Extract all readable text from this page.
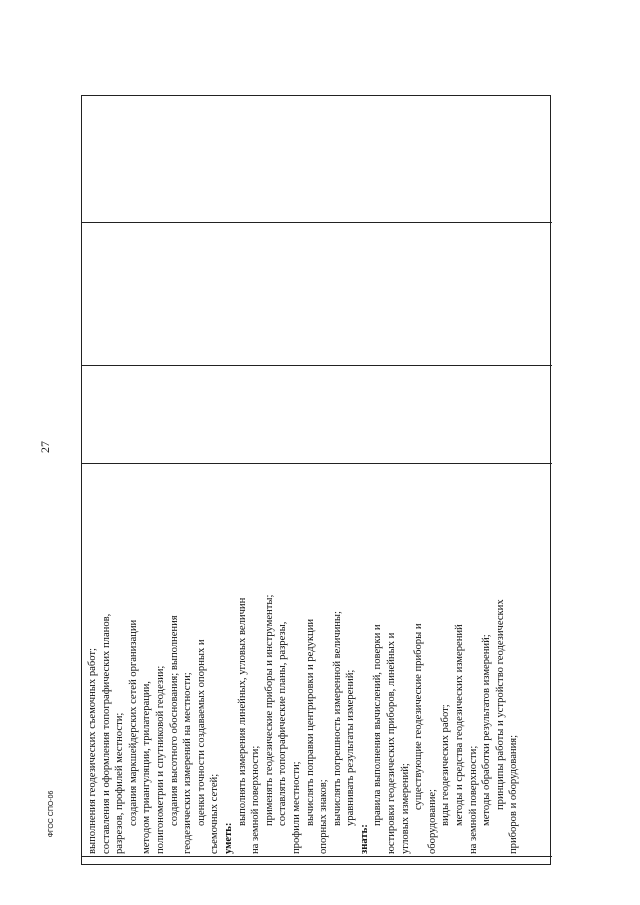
выполнения геодезических съемочных работ; составления и оформления топографических планов, разрезов, профилей местности; создания маркшейдерских сетей организации методом триангуляции, трилатерации, полигонометрии и спутниковой геодезии; создания высотного обоснования; выполнения геодезических измерений на местности; оценки точности создаваемых опорных и съемочных сетей; уметь:
выполнять измерения линейных, угловых величин на земной поверхности; применять геодезические приборы и инструменты; составлять топографические планы, разрезы, профили местности; вычислять поправки центрировки и редукции опорных знаков; вычислять погрешность измеренной величины; уравнивать результаты измерений;
знать:
правила выполнения вычислений, поверки и юстировки геодезических приборов, линейных и угловых измерений; существующие геодезические приборы и
оборудование; виды геодезических работ; методы и средства геодезических измерений на земной поверхности; методы обработки результатов измерений; принципы работы и устройство геодезических приборов и оборудования;
27
ФГОС СПО-06
